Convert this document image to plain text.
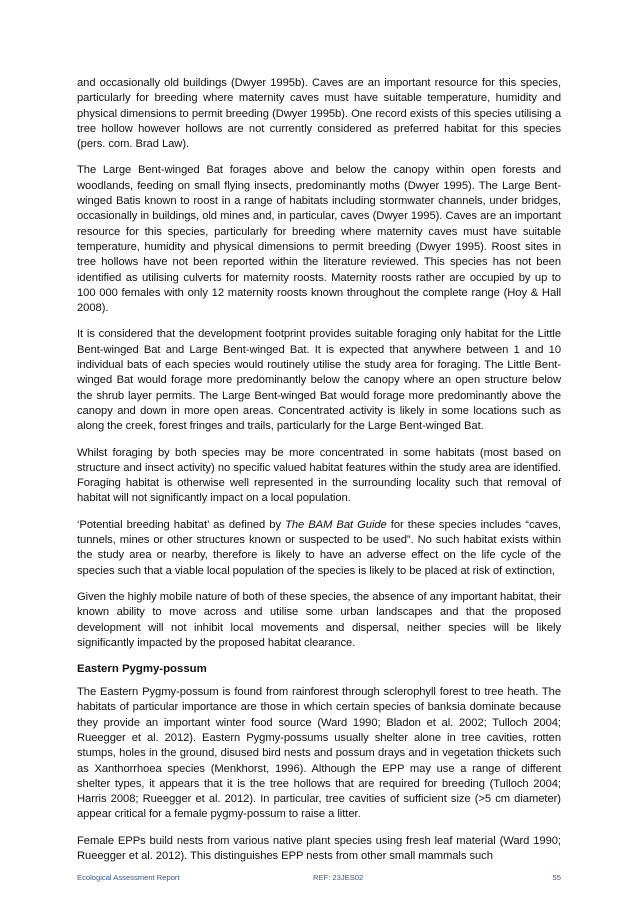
and occasionally old buildings (Dwyer 1995b). Caves are an important resource for this species, particularly for breeding where maternity caves must have suitable temperature, humidity and physical dimensions to permit breeding (Dwyer 1995b). One record exists of this species utilising a tree hollow however hollows are not currently considered as preferred habitat for this species (pers. com. Brad Law).

The Large Bent-winged Bat forages above and below the canopy within open forests and woodlands, feeding on small flying insects, predominantly moths (Dwyer 1995). The Large Bent-winged Batis known to roost in a range of habitats including stormwater channels, under bridges, occasionally in buildings, old mines and, in particular, caves (Dwyer 1995). Caves are an important resource for this species, particularly for breeding where maternity caves must have suitable temperature, humidity and physical dimensions to permit breeding (Dwyer 1995). Roost sites in tree hollows have not been reported within the literature reviewed. This species has not been identified as utilising culverts for maternity roosts. Maternity roosts rather are occupied by up to 100 000 females with only 12 maternity roosts known throughout the complete range (Hoy & Hall 2008).

It is considered that the development footprint provides suitable foraging only habitat for the Little Bent-winged Bat and Large Bent-winged Bat. It is expected that anywhere between 1 and 10 individual bats of each species would routinely utilise the study area for foraging. The Little Bent-winged Bat would forage more predominantly below the canopy where an open structure below the shrub layer permits. The Large Bent-winged Bat would forage more predominantly above the canopy and down in more open areas. Concentrated activity is likely in some locations such as along the creek, forest fringes and trails, particularly for the Large Bent-winged Bat.

Whilst foraging by both species may be more concentrated in some habitats (most based on structure and insect activity) no specific valued habitat features within the study area are identified. Foraging habitat is otherwise well represented in the surrounding locality such that removal of habitat will not significantly impact on a local population.

‘Potential breeding habitat’ as defined by The BAM Bat Guide for these species includes “caves, tunnels, mines or other structures known or suspected to be used”. No such habitat exists within the study area or nearby, therefore is likely to have an adverse effect on the life cycle of the species such that a viable local population of the species is likely to be placed at risk of extinction,

Given the highly mobile nature of both of these species, the absence of any important habitat, their known ability to move across and utilise some urban landscapes and that the proposed development will not inhibit local movements and dispersal, neither species will be likely significantly impacted by the proposed habitat clearance.

Eastern Pygmy-possum

The Eastern Pygmy-possum is found from rainforest through sclerophyll forest to tree heath. The habitats of particular importance are those in which certain species of banksia dominate because they provide an important winter food source (Ward 1990; Bladon et al. 2002; Tulloch 2004; Rueegger et al. 2012). Eastern Pygmy-possums usually shelter alone in tree cavities, rotten stumps, holes in the ground, disused bird nests and possum drays and in vegetation thickets such as Xanthorrhoea species (Menkhorst, 1996). Although the EPP may use a range of different shelter types, it appears that it is the tree hollows that are required for breeding (Tulloch 2004; Harris 2008; Rueegger et al. 2012). In particular, tree cavities of sufficient size (>5 cm diameter) appear critical for a female pygmy-possum to raise a litter.

Female EPPs build nests from various native plant species using fresh leaf material (Ward 1990; Rueegger et al. 2012). This distinguishes EPP nests from other small mammals such

Ecological Assessment Report	REF: 23JES02	55
